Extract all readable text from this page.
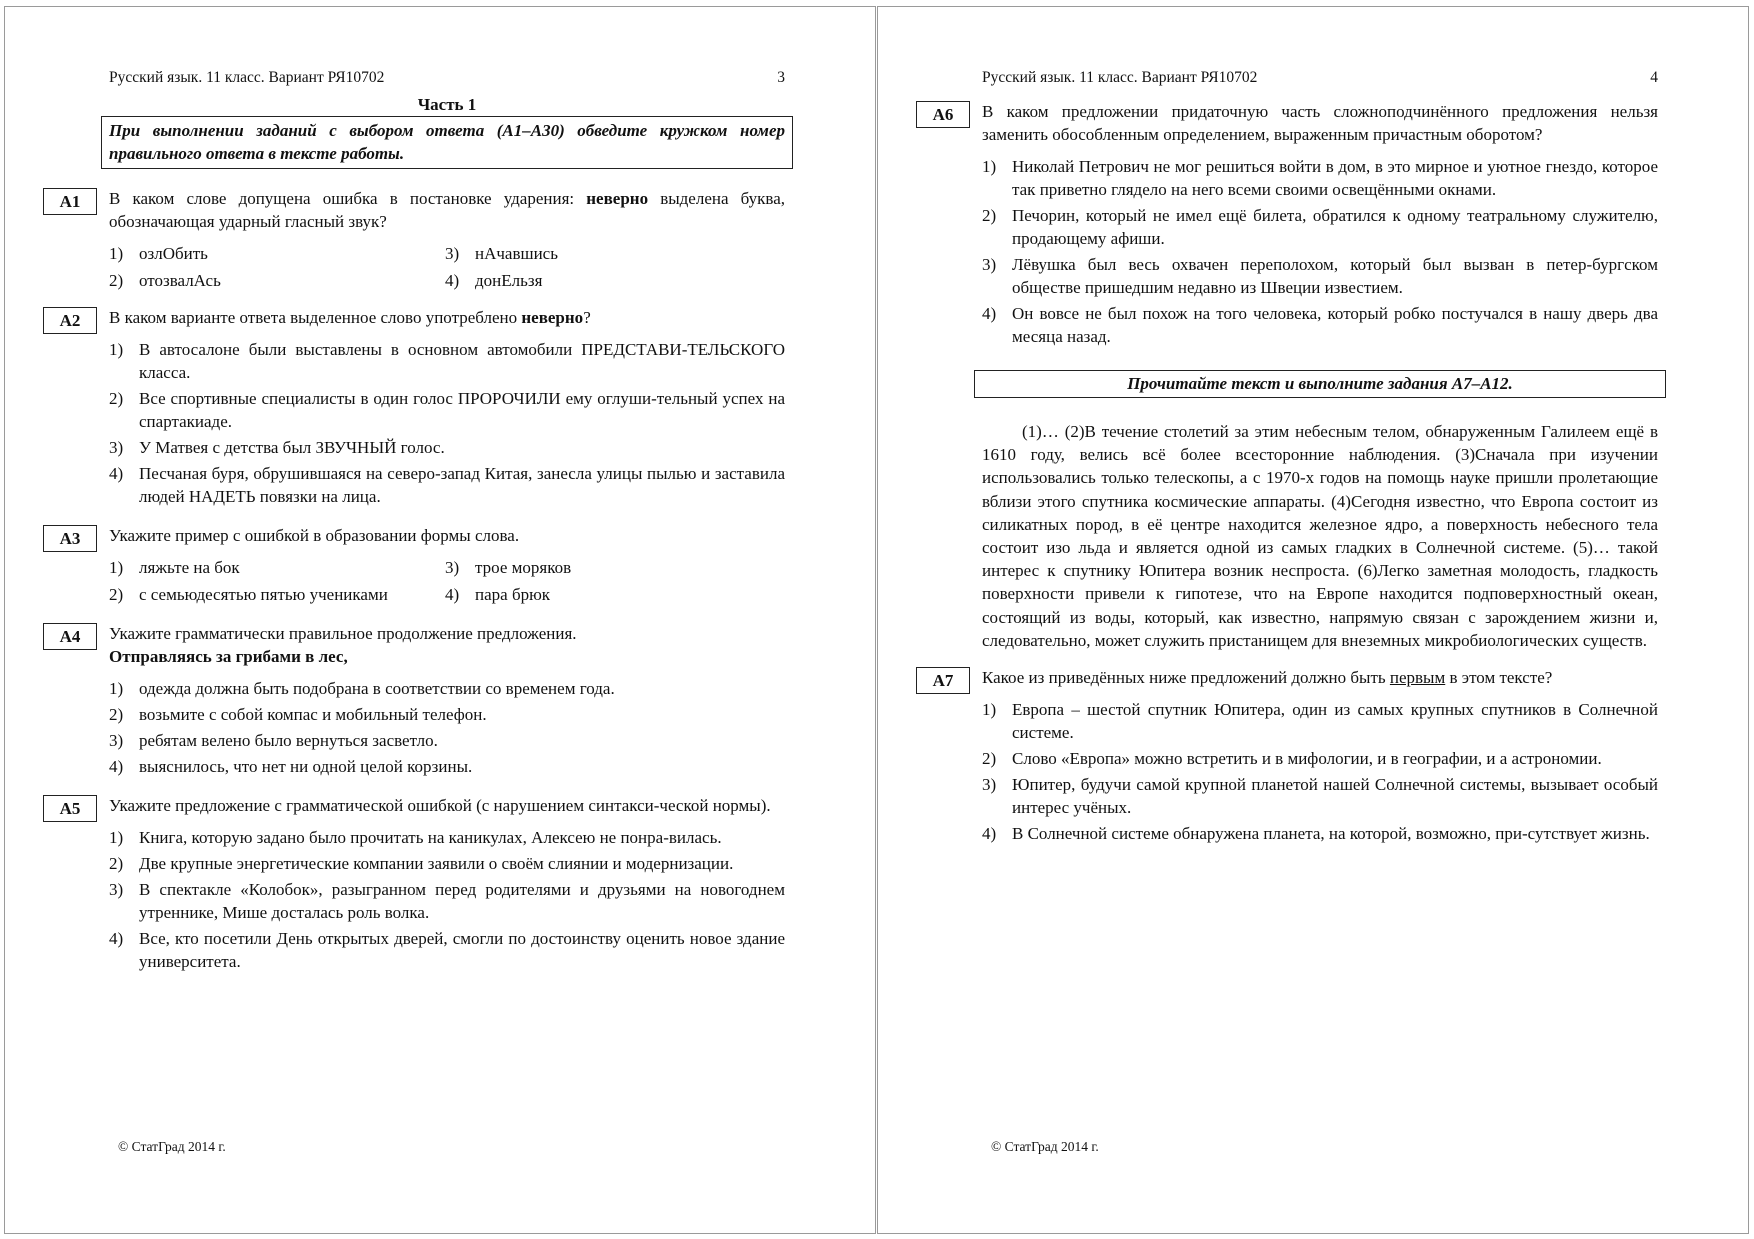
Русский язык. 11 класс. Вариант РЯ10702	3
Часть 1
При выполнении заданий с выбором ответа (А1–А30) обведите кружком номер правильного ответа в тексте работы.
А1	В каком слове допущена ошибка в постановке ударения: неверно выделена буква, обозначающая ударный гласный звук?
1) озлОбить	3) нАчавшись
2) отозвалАсь	4) донЕльзя
А2	В каком варианте ответа выделенное слово употреблено неверно?
1) В автосалоне были выставлены в основном автомобили ПРЕДСТАВИ-ТЕЛЬСКОГО класса.
2) Все спортивные специалисты в один голос ПРОРОЧИЛИ ему оглуши-тельный успех на спартакиаде.
3) У Матвея с детства был ЗВУЧНЫЙ голос.
4) Песчаная буря, обрушившаяся на северо-запад Китая, занесла улицы пылью и заставила людей НАДЕТЬ повязки на лица.
А3	Укажите пример с ошибкой в образовании формы слова.
1) ляжьте на бок	3) трое моряков
2) с семьюдесятью пятью учениками	4) пара брюк
А4	Укажите грамматически правильное продолжение предложения.
Отправляясь за грибами в лес,
1) одежда должна быть подобрана в соответствии со временем года.
2) возьмите с собой компас и мобильный телефон.
3) ребятам велено было вернуться засветло.
4) выяснилось, что нет ни одной целой корзины.
А5	Укажите предложение с грамматической ошибкой (с нарушением синтакси-ческой нормы).
1) Книга, которую задано было прочитать на каникулах, Алексею не понра-вилась.
2) Две крупные энергетические компании заявили о своём слиянии и модернизации.
3) В спектакле «Колобок», разыгранном перед родителями и друзьями на новогоднем утреннике, Мише досталась роль волка.
4) Все, кто посетили День открытых дверей, смогли по достоинству оценить новое здание университета.
© СтатГрад 2014 г.
Русский язык. 11 класс. Вариант РЯ10702	4
А6	В каком предложении придаточную часть сложноподчинённого предложения нельзя заменить обособленным определением, выраженным причастным оборотом?
1) Николай Петрович не мог решиться войти в дом, в это мирное и уютное гнездо, которое так приветно глядело на него всеми своими освещёнными окнами.
2) Печорин, который не имел ещё билета, обратился к одному театральному служителю, продающему афиши.
3) Лёвушка был весь охвачен переполохом, который был вызван в петер-бургском обществе пришедшим недавно из Швеции известием.
4) Он вовсе не был похож на того человека, который робко постучался в нашу дверь два месяца назад.
Прочитайте текст и выполните задания А7–А12.
(1)… (2)В течение столетий за этим небесным телом, обнаруженным Галилеем ещё в 1610 году, велись всё более всесторонние наблюдения. (3)Сначала при изучении использовались только телескопы, а с 1970-х годов на помощь науке пришли пролетающие вблизи этого спутника космические аппараты. (4)Сегодня известно, что Европа состоит из силикатных пород, в её центре находится железное ядро, а поверхность небесного тела состоит изо льда и является одной из самых гладких в Солнечной системе. (5)… такой интерес к спутнику Юпитера возник неспроста. (6)Легко заметная молодость, гладкость поверхности привели к гипотезе, что на Европе находится подповерхностный океан, состоящий из воды, который, как известно, напрямую связан с зарождением жизни и, следовательно, может служить пристанищем для внеземных микробиологических существ.
А7	Какое из приведённых ниже предложений должно быть первым в этом тексте?
1) Европа – шестой спутник Юпитера, один из самых крупных спутников в Солнечной системе.
2) Слово «Европа» можно встретить и в мифологии, и в географии, и а астрономии.
3) Юпитер, будучи самой крупной планетой нашей Солнечной системы, вызывает особый интерес учёных.
4) В Солнечной системе обнаружена планета, на которой, возможно, при-сутствует жизнь.
© СтатГрад 2014 г.
